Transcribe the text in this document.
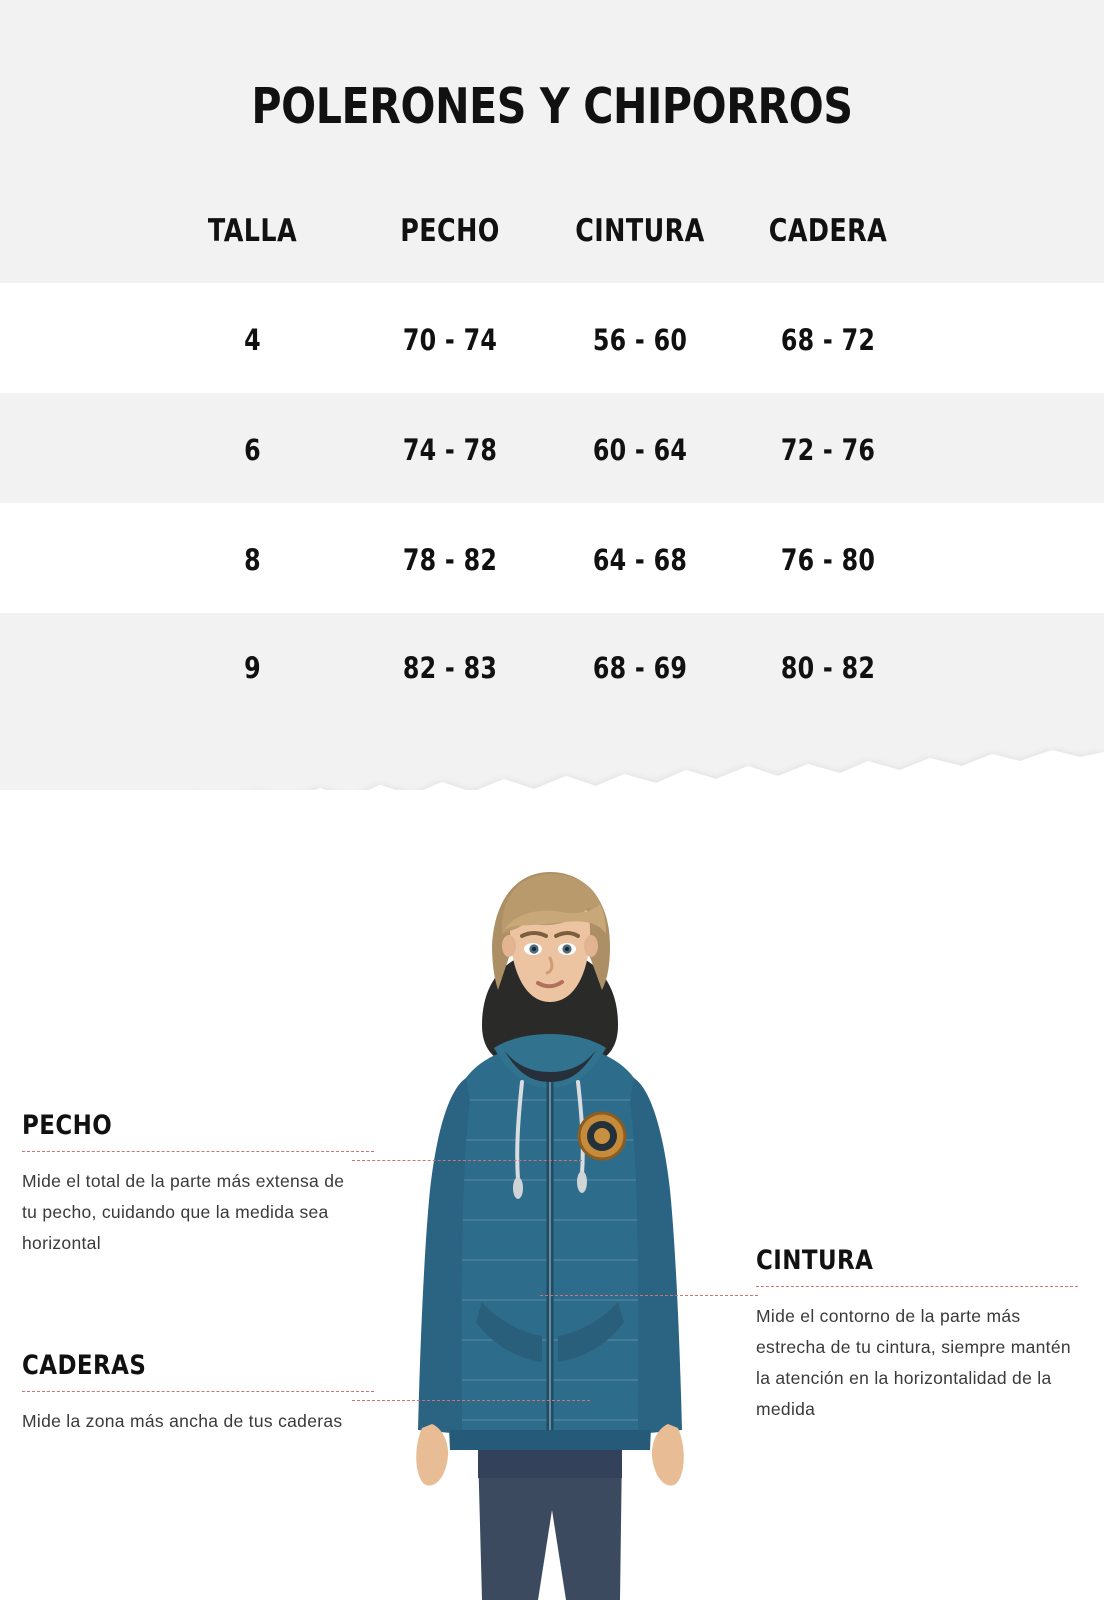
POLERONES Y CHIPORROS
TALLA	PECHO	CINTURA	CADERA
4	70 - 74	56 - 60	68 - 72
6	74 - 78	60 - 64	72 - 76
8	78 - 82	64 - 68	76 - 80
9	82 - 83	68 - 69	80 - 82
PECHO
Mide el total de la parte más extensa de tu pecho, cuidando que la medida sea horizontal
CADERAS
Mide la zona más ancha de tus caderas
CINTURA
Mide el contorno de la parte más estrecha de tu cintura, siempre mantén la atención en la horizontalidad de la medida
